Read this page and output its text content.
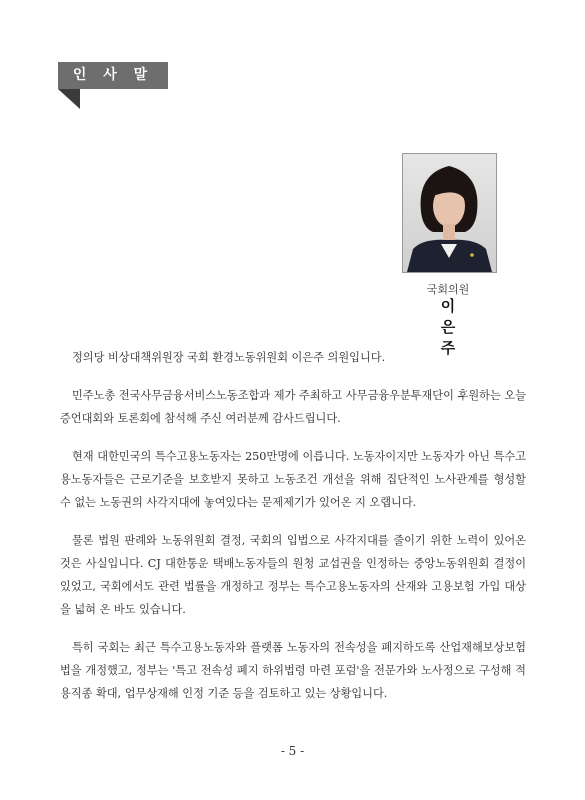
인 사 말
국회의원
이 은 주

정의당 비상대책위원장 국회 환경노동위원회 이은주 의원입니다.

민주노총 전국사무금융서비스노동조합과 제가 주최하고 사무금융우분투재단이 후원하는 오늘 증언대회와 토론회에 참석해 주신 여러분께 감사드립니다.

현재 대한민국의 특수고용노동자는 250만명에 이릅니다. 노동자이지만 노동자가 아닌 특수고용노동자들은 근로기준을 보호받지 못하고 노동조건 개선을 위해 집단적인 노사관계를 형성할 수 없는 노동권의 사각지대에 놓여있다는 문제제기가 있어온 지 오랩니다.

물론 법원 판례와 노동위원회 결정, 국회의 입법으로 사각지대를 줄이기 위한 노력이 있어온 것은 사실입니다. CJ 대한통운 택배노동자들의 원청 교섭권을 인정하는 중앙노동위원회 결정이 있었고, 국회에서도 관련 법률을 개정하고 정부는 특수고용노동자의 산재와 고용보험 가입 대상을 넓혀 온 바도 있습니다.

특히 국회는 최근 특수고용노동자와 플랫폼 노동자의 전속성을 폐지하도록 산업재해보상보험법을 개정했고, 정부는 '특고 전속성 폐지 하위법령 마련 포럼'을 전문가와 노사정으로 구성해 적용직종 확대, 업무상재해 인정 기준 등을 검토하고 있는 상황입니다.

- 5 -
